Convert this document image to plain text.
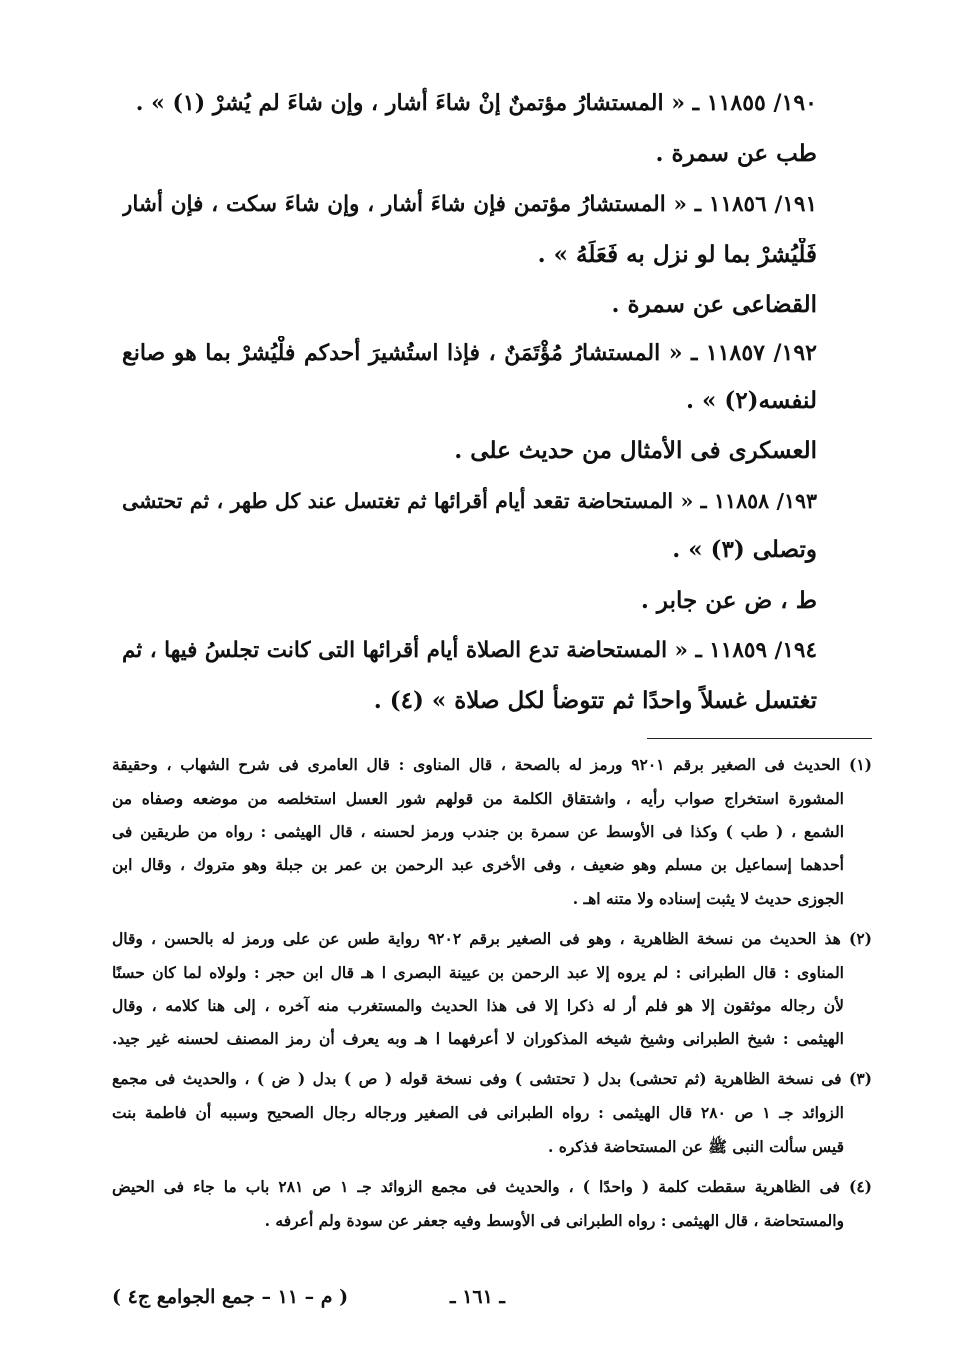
١٩٠/ ١١٨٥٥ ـ « المستشارُ مؤتمنٌ إنْ شاءَ أشار ، وإن شاءَ لم يُشرْ (١) » .
طب عن سمرة .
١٩١/ ١١٨٥٦ ـ « المستشارُ مؤتمن فإن شاءَ أشار ، وإن شاءَ سكت ، فإن أشار
فَلْيُشرْ بما لو نزل به فَعَلَهُ » .
القضاعى عن سمرة .
١٩٢/ ١١٨٥٧ ـ « المستشارُ مُؤْتَمَنٌ ، فإذا استُشيرَ أحدكم فلْيُشرْ بما هو صانع
لنفسه(٢) » .
العسكرى فى الأمثال من حديث على .
١٩٣/ ١١٨٥٨ ـ « المستحاضة تقعد أيام أقرائها ثم تغتسل عند كل طهر ، ثم تحتشى
وتصلى (٣) » .
ط ، ض عن جابر .
١٩٤/ ١١٨٥٩ ـ « المستحاضة تدع الصلاة أيام أقرائها التى كانت تجلسُ فيها ، ثم
تغتسل غسلاً واحدًا ثم تتوضأ لكل صلاة » (٤) .
(١) الحديث فى الصغير برقم ٩٢٠١ ورمز له بالصحة ، قال المناوى : قال العامرى فى شرح الشهاب ، وحقيقة
المشورة استخراج صواب رأيه ، واشتقاق الكلمة من قولهم شور العسل استخلصه من موضعه وصفاه من
الشمع ، ( طب ) وكذا فى الأوسط عن سمرة بن جندب ورمز لحسنه ، قال الهيثمى : رواه من طريقين فى
أحدهما إسماعيل بن مسلم وهو ضعيف ، وفى الأخرى عبد الرحمن بن عمر بن جبلة وهو متروك ، وقال ابن
الجوزى حديث لا يثبت إسناده ولا متنه اهـ .
(٢) هذ الحديث من نسخة الظاهرية ، وهو فى الصغير برقم ٩٢٠٢ رواية طس عن على ورمز له بالحسن ، وقال
المناوى : قال الطبرانى : لم يروه إلا عبد الرحمن بن عيينة البصرى ا هـ قال ابن حجر : ولولاه لما كان حسنًا
لأن رجاله موثقون إلا هو فلم أر له ذكرا إلا فى هذا الحديث والمستغرب منه آخره ، إلى هنا كلامه ، وقال
الهيثمى : شيخ الطبرانى وشيخ شيخه المذكوران لا أعرفهما ا هـ وبه يعرف أن رمز المصنف لحسنه غير جيد.
(٣) فى نسخة الظاهرية (ثم تحشى) بدل ( تحتشى ) وفى نسخة قوله ( ص ) بدل ( ض ) ، والحديث فى مجمع
الزوائد جـ ١ ص ٢٨٠ قال الهيثمى : رواه الطبرانى فى الصغير ورجاله رجال الصحيح وسببه أن فاطمة بنت
قيس سألت النبى ﷺ عن المستحاضة فذكره .
(٤) فى الظاهرية سقطت كلمة ( واحدًا ) ، والحديث فى مجمع الزوائد جـ ١ ص ٢٨١ باب ما جاء فى الحيض
والمستحاضة ، قال الهيثمى : رواه الطبرانى فى الأوسط وفيه جعفر عن سودة ولم أعرفه .
ـ ١٦١ ـ
( م – ١١ – جمع الجوامع ج٤ )
